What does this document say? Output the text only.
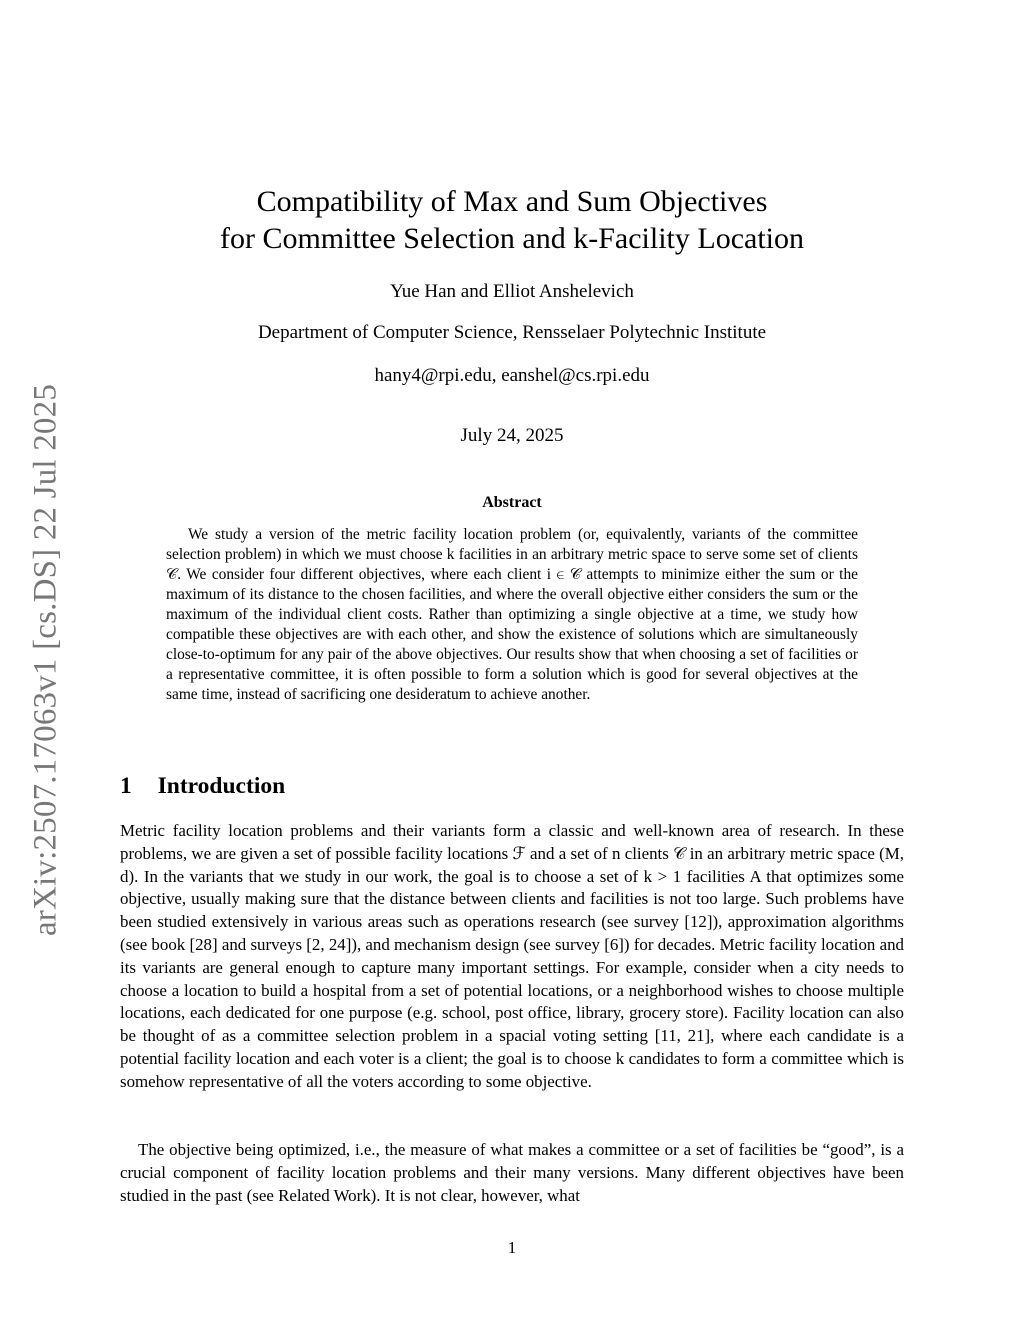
arXiv:2507.17063v1 [cs.DS] 22 Jul 2025
Compatibility of Max and Sum Objectives
for Committee Selection and k-Facility Location
Yue Han and Elliot Anshelevich
Department of Computer Science, Rensselaer Polytechnic Institute
hany4@rpi.edu, eanshel@cs.rpi.edu
July 24, 2025
Abstract
We study a version of the metric facility location problem (or, equivalently, variants of the committee selection problem) in which we must choose k facilities in an arbitrary metric space to serve some set of clients 𝒞. We consider four different objectives, where each client i ∈ 𝒞 attempts to minimize either the sum or the maximum of its distance to the chosen facilities, and where the overall objective either considers the sum or the maximum of the individual client costs. Rather than optimizing a single objective at a time, we study how compatible these objectives are with each other, and show the existence of solutions which are simultaneously close-to-optimum for any pair of the above objectives. Our results show that when choosing a set of facilities or a representative committee, it is often possible to form a solution which is good for several objectives at the same time, instead of sacrificing one desideratum to achieve another.
1 Introduction
Metric facility location problems and their variants form a classic and well-known area of research. In these problems, we are given a set of possible facility locations ℱ and a set of n clients 𝒞 in an arbitrary metric space (M, d). In the variants that we study in our work, the goal is to choose a set of k > 1 facilities A that optimizes some objective, usually making sure that the distance between clients and facilities is not too large. Such problems have been studied extensively in various areas such as operations research (see survey [12]), approximation algorithms (see book [28] and surveys [2, 24]), and mechanism design (see survey [6]) for decades. Metric facility location and its variants are general enough to capture many important settings. For example, consider when a city needs to choose a location to build a hospital from a set of potential locations, or a neighborhood wishes to choose multiple locations, each dedicated for one purpose (e.g. school, post office, library, grocery store). Facility location can also be thought of as a committee selection problem in a spacial voting setting [11, 21], where each candidate is a potential facility location and each voter is a client; the goal is to choose k candidates to form a committee which is somehow representative of all the voters according to some objective.
The objective being optimized, i.e., the measure of what makes a committee or a set of facilities be “good”, is a crucial component of facility location problems and their many versions. Many different objectives have been studied in the past (see Related Work). It is not clear, however, what
1
